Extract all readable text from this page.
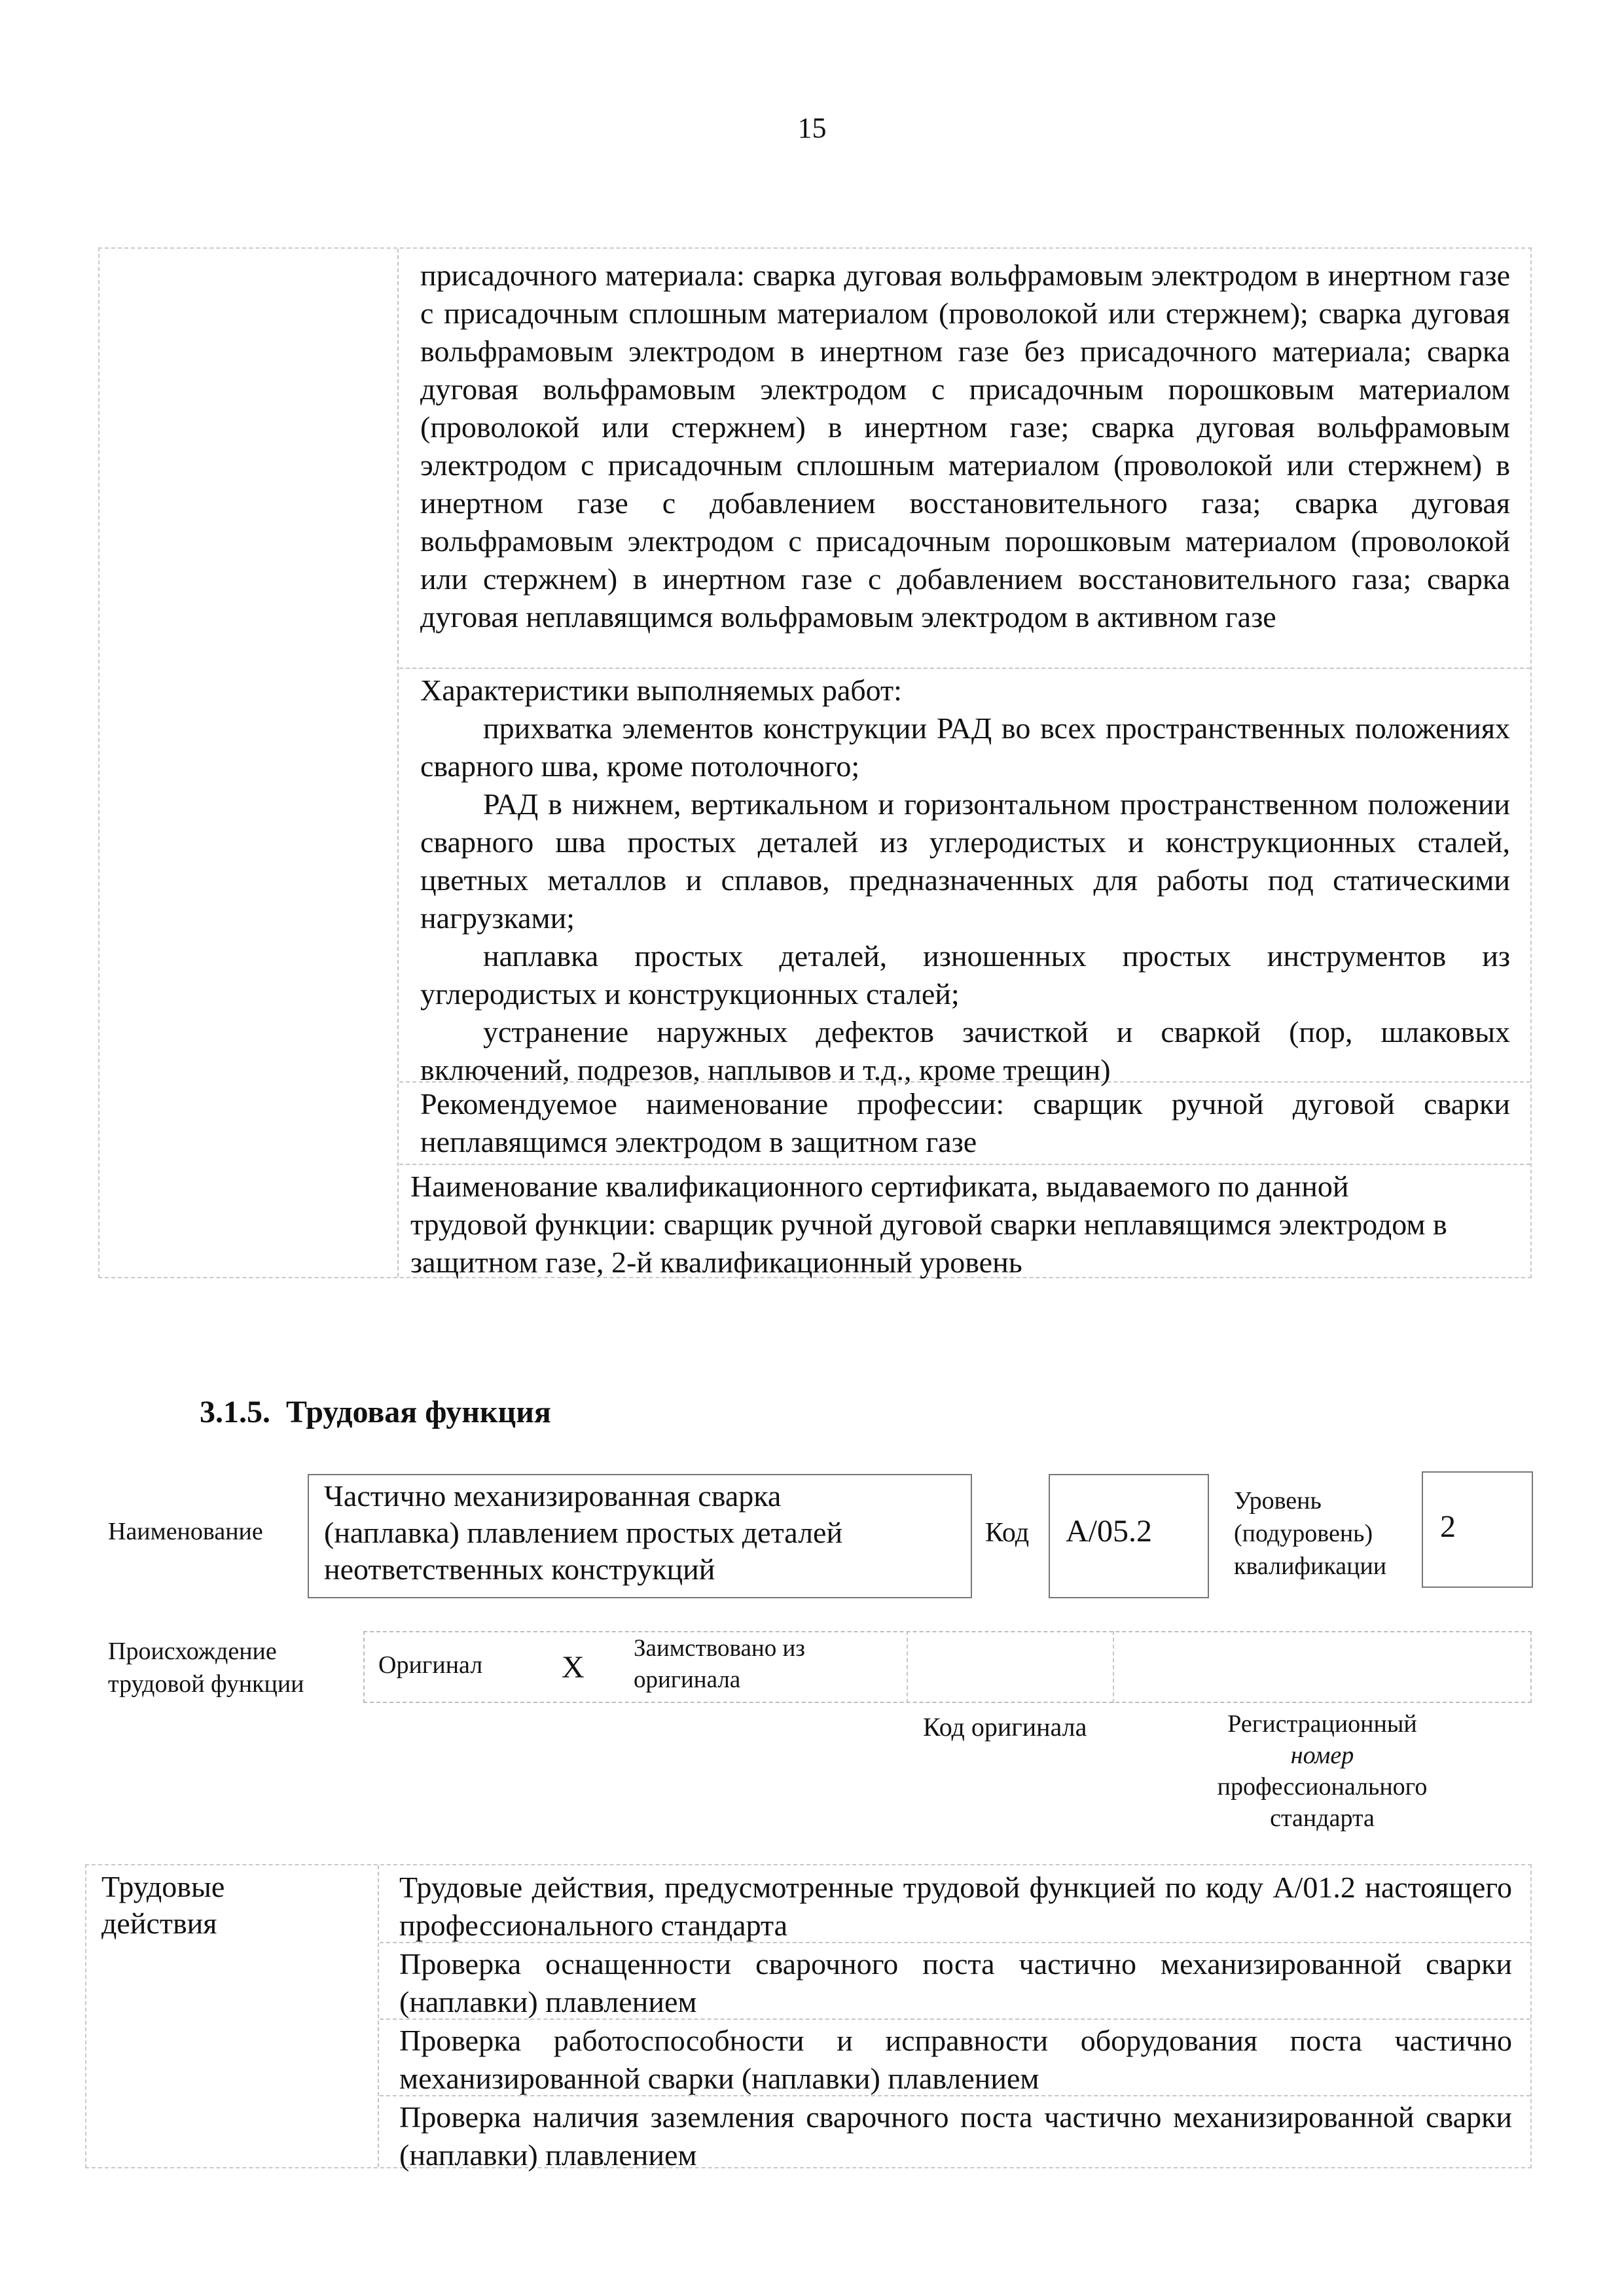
15

присадочного материала: сварка дуговая вольфрамовым электродом в инертном газе с присадочным сплошным материалом (проволокой или стержнем); сварка дуговая вольфрамовым электродом в инертном газе без присадочного материала; сварка дуговая вольфрамовым электродом с присадочным порошковым материалом (проволокой или стержнем) в инертном газе; сварка дуговая вольфрамовым электродом с присадочным сплошным материалом (проволокой или стержнем) в инертном газе с добавлением восстановительного газа; сварка дуговая вольфрамовым электродом с присадочным порошковым материалом (проволокой или стержнем) в инертном газе с добавлением восстановительного газа; сварка дуговая неплавящимся вольфрамовым электродом в активном газе

Характеристики выполняемых работ:

прихватка элементов конструкции РАД во всех пространственных положениях сварного шва, кроме потолочного;

РАД в нижнем, вертикальном и горизонтальном пространственном положении сварного шва простых деталей из углеродистых и конструкционных сталей, цветных металлов и сплавов, предназначенных для работы под статическими нагрузками;

наплавка простых деталей, изношенных простых инструментов из углеродистых и конструкционных сталей;

устранение наружных дефектов зачисткой и сваркой (пор, шлаковых включений, подрезов, наплывов и т.д., кроме трещин)

Рекомендуемое наименование профессии: сварщик ручной дуговой сварки неплавящимся электродом в защитном газе

Наименование квалификационного сертификата, выдаваемого по данной трудовой функции: сварщик ручной дуговой сварки неплавящимся электродом в защитном газе, 2-й квалификационный уровень

3.1.5. Трудовая функция
Наименование
Частично механизированная сварка
(наплавка) плавлением простых деталей
неответственных конструкций
Код А/05.2
Уровень
(подуровень)
квалификации
2
Происхождение
трудовой функции
Оригинал	X
Заимствовано из
оригинала
Код оригинала	Регистрационный
номер
профессионального
стандарта
Трудовые
действия
Трудовые действия, предусмотренные трудовой функцией по коду А/01.2 настоящего профессионального стандарта
Проверка оснащенности сварочного поста частично механизированной сварки (наплавки) плавлением
Проверка работоспособности и исправности оборудования поста частично механизированной сварки (наплавки) плавлением
Проверка наличия заземления сварочного поста частично механизированной сварки (наплавки) плавлением
